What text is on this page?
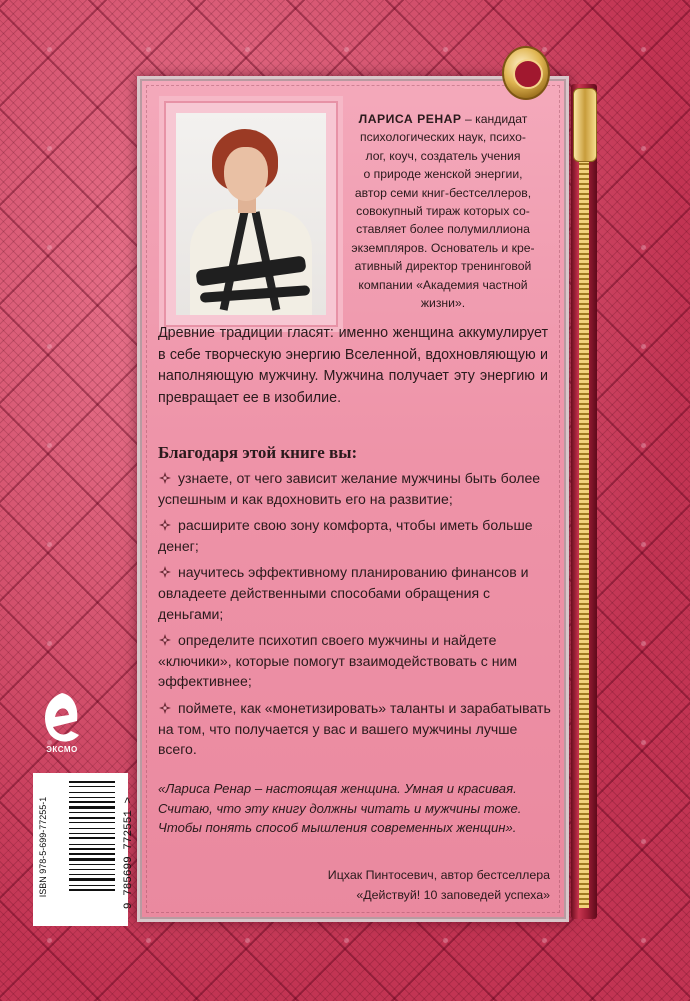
ЛАРИСА РЕНАР – кандидат
психологических наук, психо-
лог, коуч, создатель учения
о природе женской энергии,
автор семи книг-бестселлеров,
совокупный тираж которых со-
ставляет более полумиллиона
экземпляров. Основатель и кре-
ативный директор тренинговой
компании «Академия частной
жизни».
Древние традиции гласят: именно женщина аккумулирует в себе творческую энергию Вселенной, вдохновляющую и наполняющую мужчину. Мужчина получает эту энергию и превращает ее в изобилие.
Благодаря этой книге вы:
узнаете, от чего зависит желание мужчины быть более успешным и как вдохновить его на развитие;
расширите свою зону комфорта, чтобы иметь больше денег;
научитесь эффективному планированию финансов и овладеете действенными способами обращения с деньгами;
определите психотип своего мужчины и найдете «ключики», которые помогут взаимодействовать с ним эффективнее;
поймете, как «монетизировать» таланты и зарабатывать на том, что получается у вас и вашего мужчины лучше всего.
«Лариса Ренар – настоящая женщина. Умная и красивая. Считаю, что эту книгу должны читать и мужчины тоже. Чтобы понять способ мышления современных женщин».
Ицхак Пинтосевич, автор бестселлера
«Действуй! 10 заповедей успеха»
ЭКСМО
ISBN 978-5-699-77255-1	9 785699 772551 >
